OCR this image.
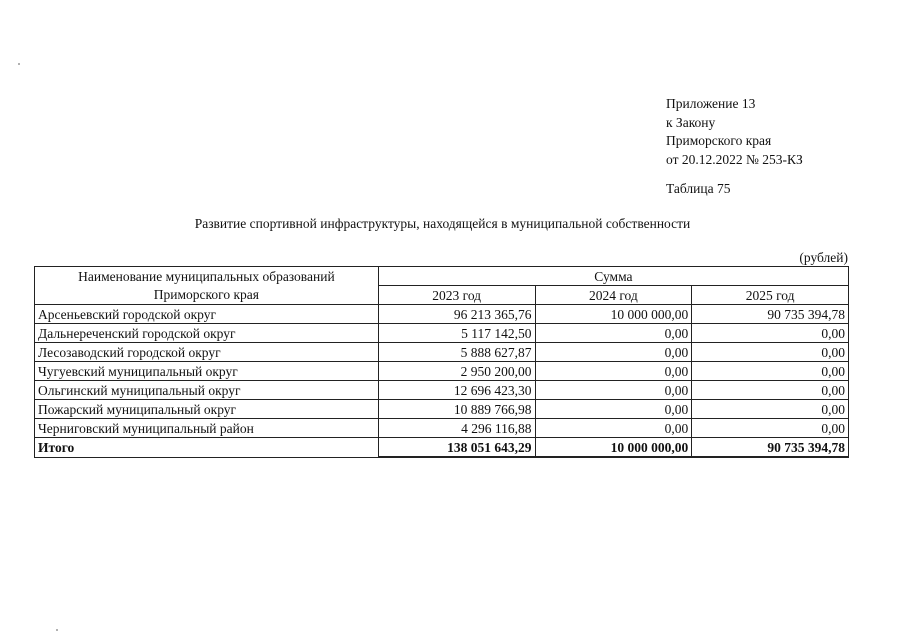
Приложение 13
к Закону
Приморского края
от 20.12.2022 № 253-КЗ
Таблица 75
Развитие спортивной инфраструктуры, находящейся в муниципальной собственности
(рублей)
Наименование муниципальных образований
Приморского края	Сумма		
	2023 год	2024 год	2025 год
Арсеньевский городской округ	96 213 365,76	10 000 000,00	90 735 394,78
Дальнереченский городской округ	5 117 142,50	0,00	0,00
Лесозаводский городской округ	5 888 627,87	0,00	0,00
Чугуевский муниципальный округ	2 950 200,00	0,00	0,00
Ольгинский муниципальный округ	12 696 423,30	0,00	0,00
Пожарский муниципальный округ	10 889 766,98	0,00	0,00
Черниговский муниципальный район	4 296 116,88	0,00	0,00
Итого	138 051 643,29	10 000 000,00	90 735 394,78
